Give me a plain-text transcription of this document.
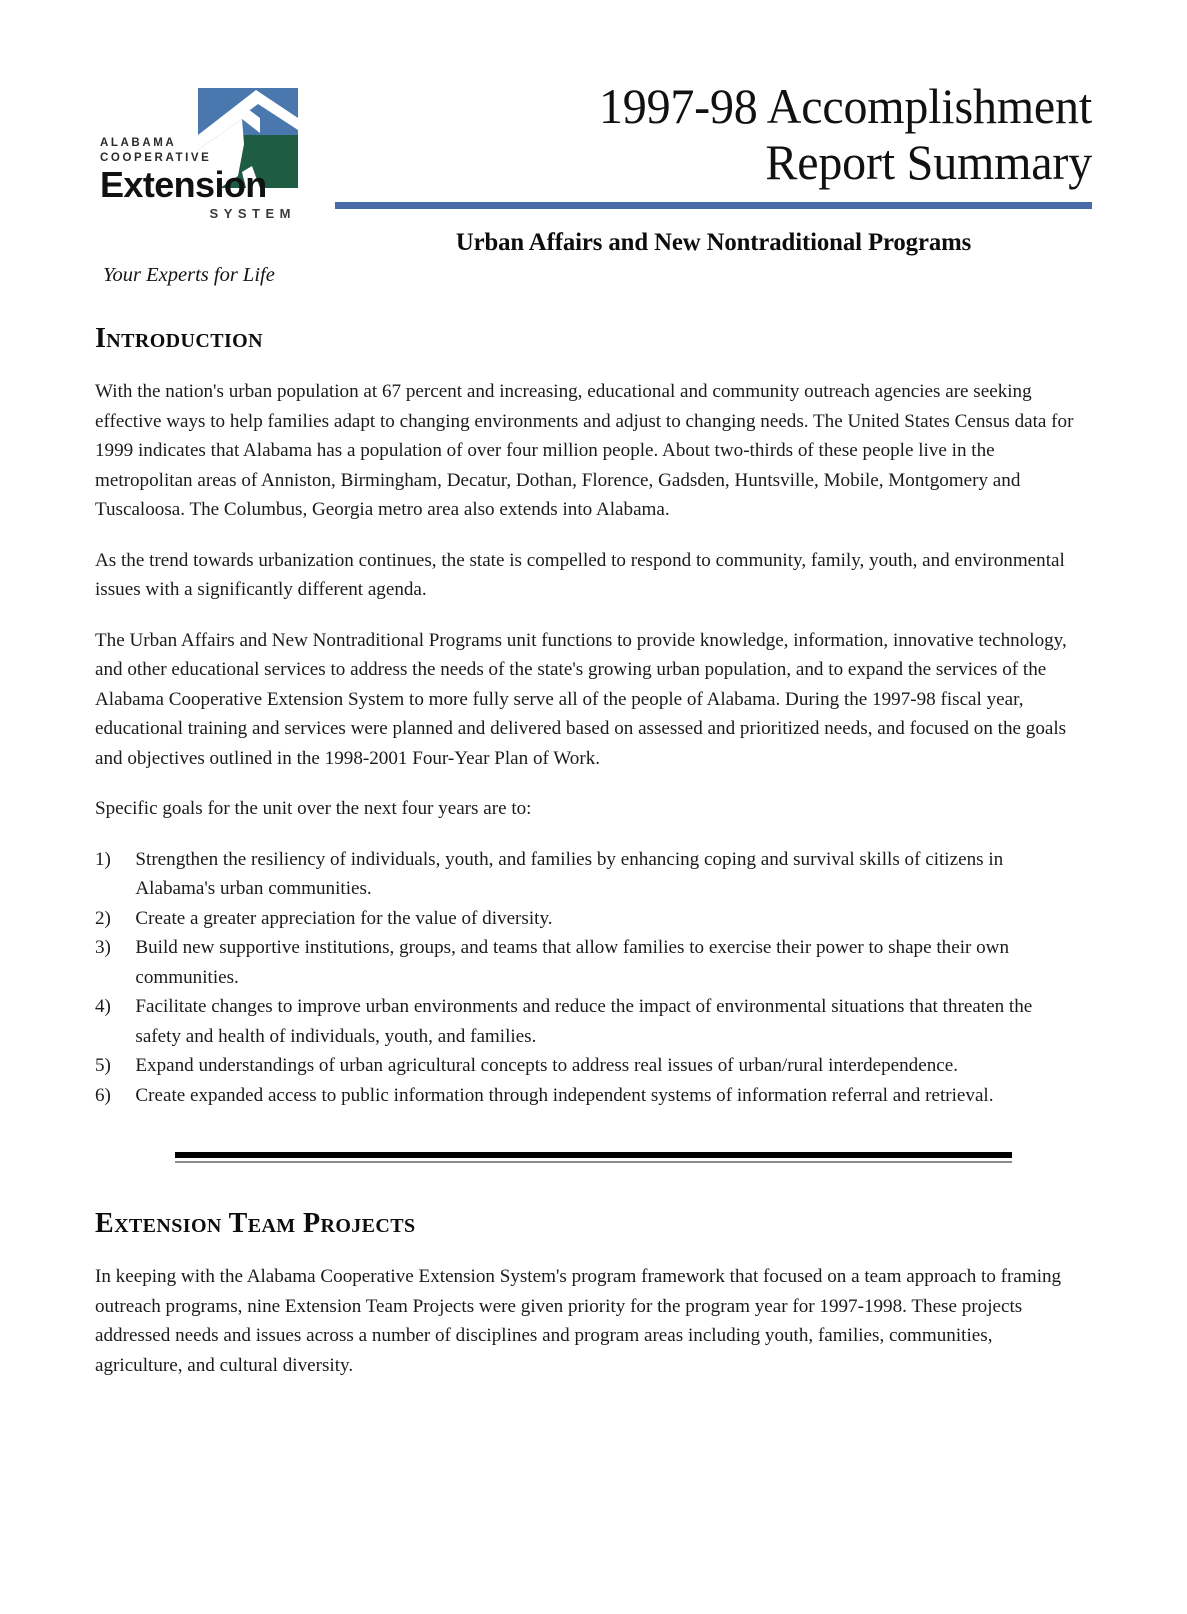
ALABAMA
COOPERATIVE
Extension
SYSTEM
Your Experts for Life
1997-98 Accomplishment
Report Summary
Urban Affairs and New Nontraditional Programs
Introduction

With the nation's urban population at 67 percent and increasing, educational and community outreach agencies are seeking effective ways to help families adapt to changing environments and adjust to changing needs. The United States Census data for 1999 indicates that Alabama has a population of over four million people. About two-thirds of these people live in the metropolitan areas of Anniston, Birmingham, Decatur, Dothan, Florence, Gadsden, Huntsville, Mobile, Montgomery and Tuscaloosa. The Columbus, Georgia metro area also extends into Alabama.

As the trend towards urbanization continues, the state is compelled to respond to community, family, youth, and environmental issues with a significantly different agenda.

The Urban Affairs and New Nontraditional Programs unit functions to provide knowledge, information, innovative technology, and other educational services to address the needs of the state's growing urban population, and to expand the services of the Alabama Cooperative Extension System to more fully serve all of the people of Alabama. During the 1997-98 fiscal year, educational training and services were planned and delivered based on assessed and prioritized needs, and focused on the goals and objectives outlined in the 1998-2001 Four-Year Plan of Work.

Specific goals for the unit over the next four years are to:

1)	Strengthen the resiliency of individuals, youth, and families by enhancing coping and survival skills of citizens in Alabama's urban communities.
2)	Create a greater appreciation for the value of diversity.
3)	Build new supportive institutions, groups, and teams that allow families to exercise their power to shape their own communities.
4)	Facilitate changes to improve urban environments and reduce the impact of environmental situations that threaten the safety and health of individuals, youth, and families.
5)	Expand understandings of urban agricultural concepts to address real issues of urban/rural interdependence.
6)	Create expanded access to public information through independent systems of information referral and retrieval.
Extension Team Projects

In keeping with the Alabama Cooperative Extension System's program framework that focused on a team approach to framing outreach programs, nine Extension Team Projects were given priority for the program year for 1997-1998. These projects addressed needs and issues across a number of disciplines and program areas including youth, families, communities, agriculture, and cultural diversity.
